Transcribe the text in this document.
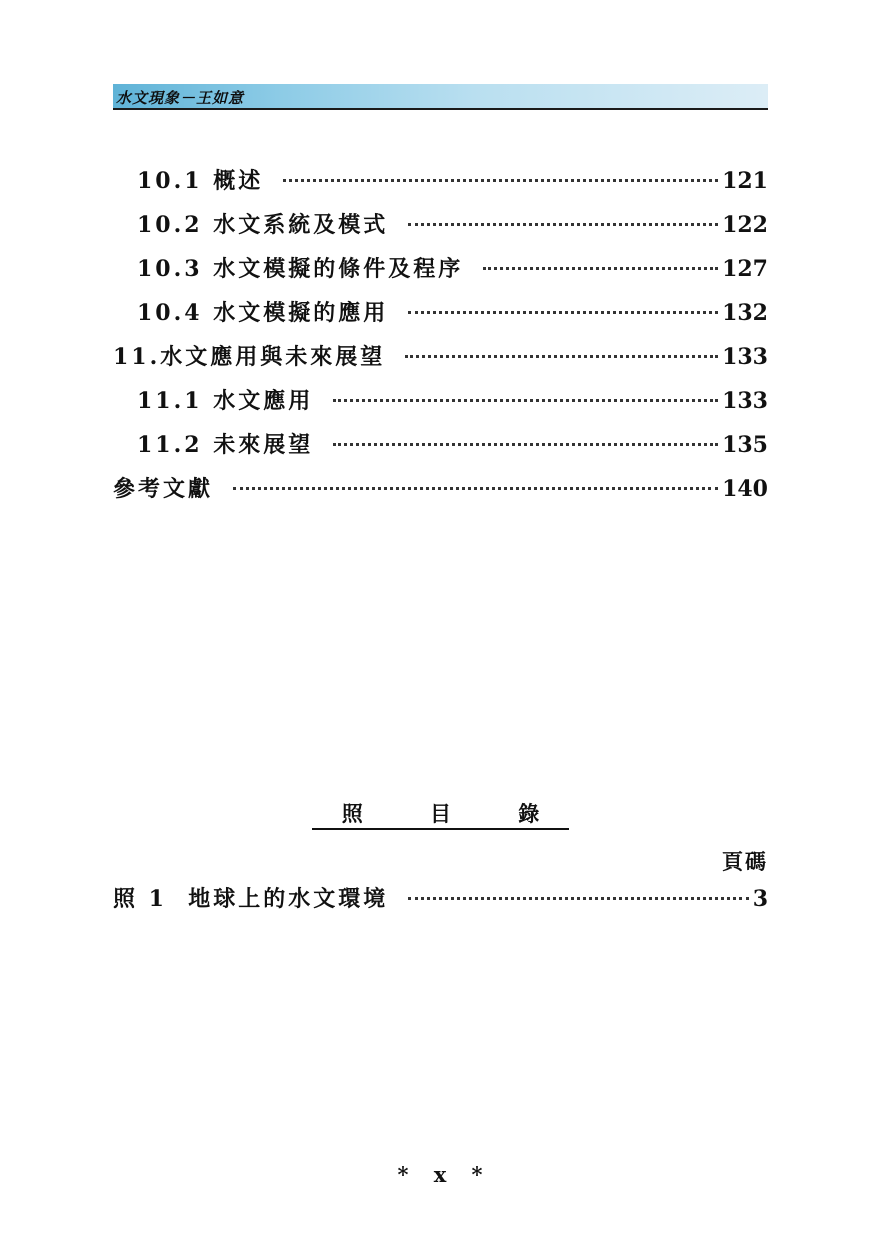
水文現象－王如意
10.1 概述	121
10.2 水文系統及模式	122
10.3 水文模擬的條件及程序	127
10.4 水文模擬的應用	132
11.水文應用與未來展望	133
11.1 水文應用	133
11.2 未來展望	135
參考文獻	140
照 目 錄
頁碼
照 1  地球上的水文環境	3
* x *
